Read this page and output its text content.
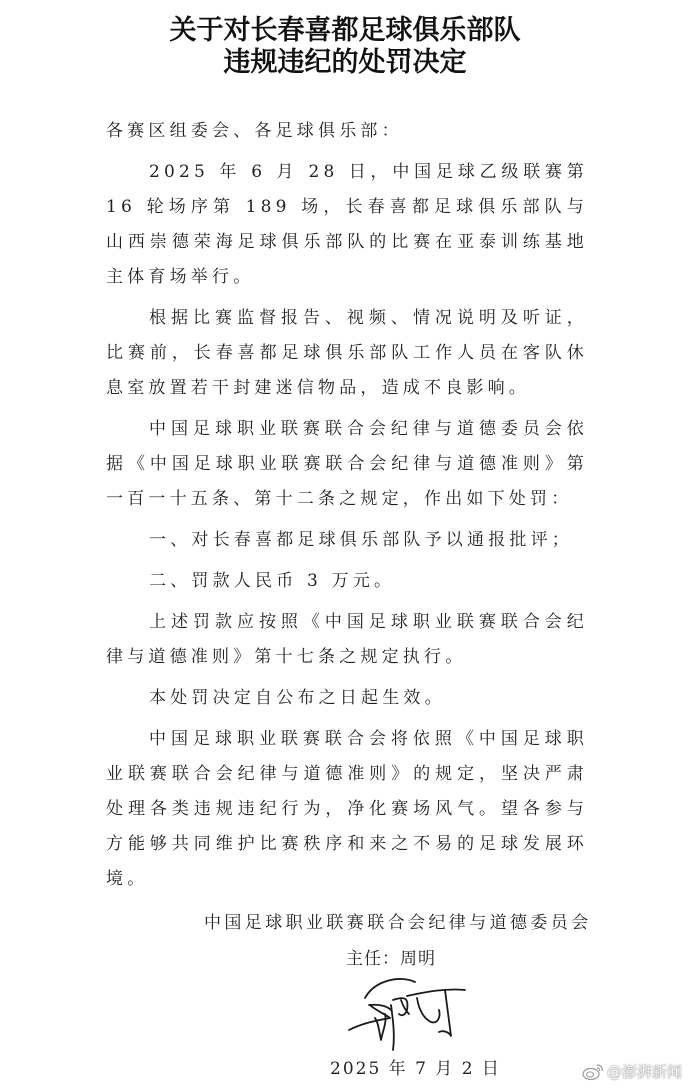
关于对长春喜都足球俱乐部队
违规违纪的处罚决定

各赛区组委会、各足球俱乐部：

2025 年 6 月 28 日，中国足球乙级联赛第 16 轮场序第 189 场，长春喜都足球俱乐部队与山西崇德荣海足球俱乐部队的比赛在亚泰训练基地主体育场举行。

根据比赛监督报告、视频、情况说明及听证，比赛前，长春喜都足球俱乐部队工作人员在客队休息室放置若干封建迷信物品，造成不良影响。

中国足球职业联赛联合会纪律与道德委员会依据《中国足球职业联赛联合会纪律与道德准则》第一百一十五条、第十二条之规定，作出如下处罚：

一、对长春喜都足球俱乐部队予以通报批评；

二、罚款人民币 3 万元。

上述罚款应按照《中国足球职业联赛联合会纪律与道德准则》第十七条之规定执行。

本处罚决定自公布之日起生效。

中国足球职业联赛联合会将依照《中国足球职业联赛联合会纪律与道德准则》的规定，坚决严肃处理各类违规违纪行为，净化赛场风气。望各参与方能够共同维护比赛秩序和来之不易的足球发展环境。

中国足球职业联赛联合会纪律与道德委员会
主任：周明
2025 年 7 月 2 日	@澎湃新闻
